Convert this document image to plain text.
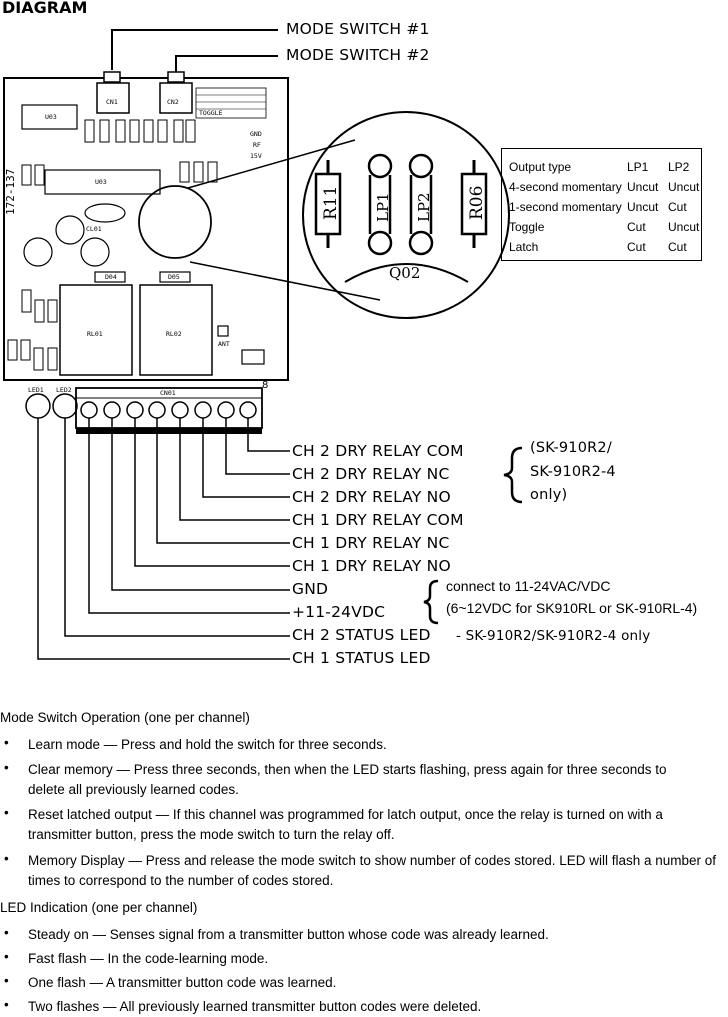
DIAGRAM
CN1	CN2
TOGGLE
U03
U03
CL01
D04	D05
RL01	RL02
ANT
CN01
LED1 LED2
GND
RF
15V
8
172-137	R11 LP1 LP2 R06
Q02
MODE SWITCH #1
MODE SWITCH #2
Output type	LP1	LP2
4-second momentary	Uncut	Uncut
1-second momentary	Uncut	Cut
Toggle	Cut	Uncut
Latch	Cut	Cut
CH 2 DRY RELAY COM
CH 2 DRY RELAY NC
CH 2 DRY RELAY NO
CH 1 DRY RELAY COM
CH 1 DRY RELAY NC
CH 1 DRY RELAY NO
GND
+11-24VDC
CH 2 STATUS LED - SK-910R2/SK-910R2-4 only
CH 1 STATUS LED
(SK-910R2/
SK-910R2-4
only)
connect to 11-24VAC/VDC
(6~12VDC for SK910RL or SK-910RL-4)
Mode Switch Operation (one per channel)
• Learn mode — Press and hold the switch for three seconds.
• Clear memory — Press three seconds, then when the LED starts flashing, press again for three seconds to delete all previously learned codes.
• Reset latched output — If this channel was programmed for latch output, once the relay is turned on with a transmitter button, press the mode switch to turn the relay off.
• Memory Display — Press and release the mode switch to show number of codes stored. LED will flash a number of times to correspond to the number of codes stored.
LED Indication (one per channel)
• Steady on — Senses signal from a transmitter button whose code was already learned.
• Fast flash — In the code-learning mode.
• One flash — A transmitter button code was learned.
• Two flashes — All previously learned transmitter button codes were deleted.
